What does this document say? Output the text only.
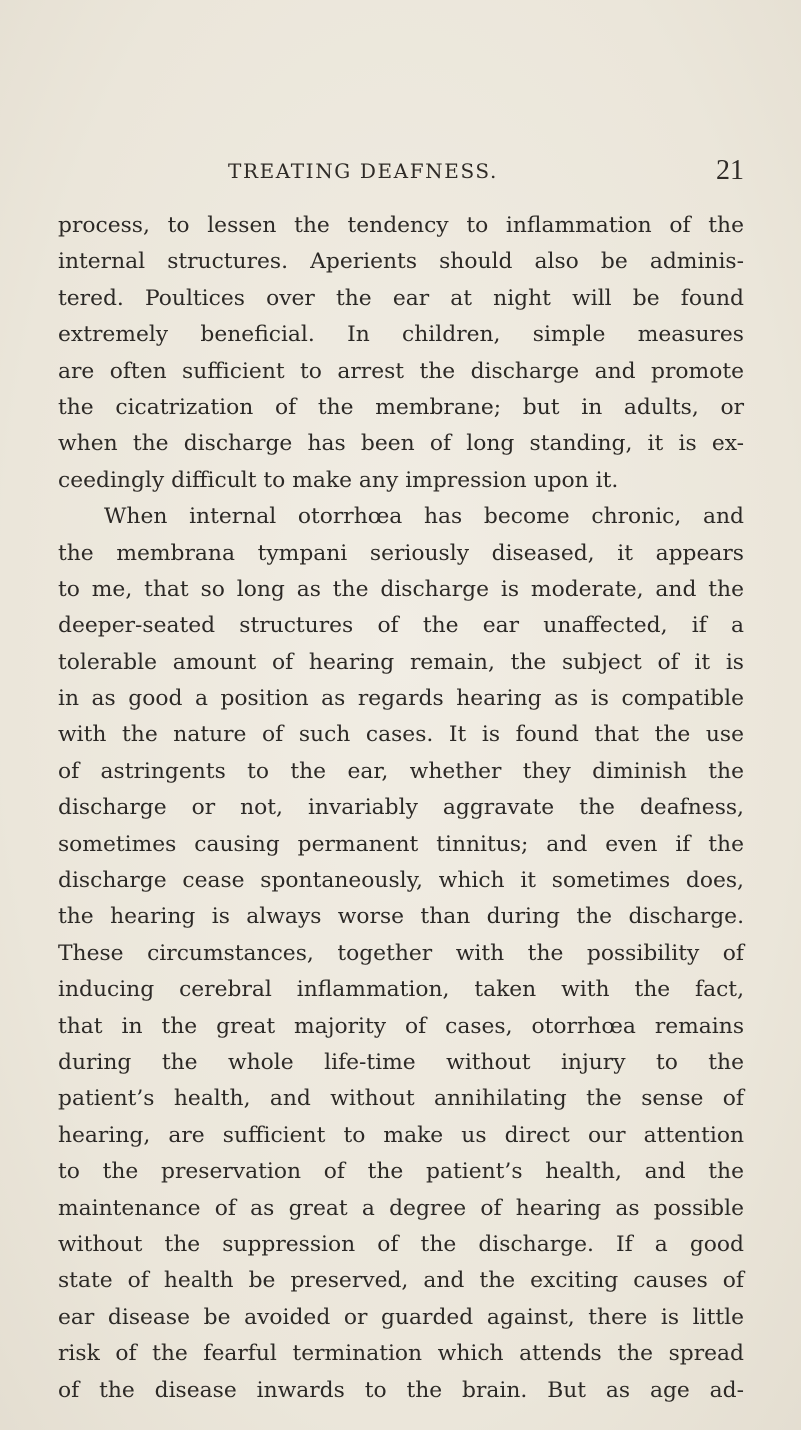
TREATING DEAFNESS.	21
process, to lessen the tendency to inflammation of the
internal structures. Aperients should also be adminis-
tered. Poultices over the ear at night will be found
extremely beneficial. In children, simple measures
are often sufficient to arrest the discharge and promote
the cicatrization of the membrane; but in adults, or
when the discharge has been of long standing, it is ex-
ceedingly difficult to make any impression upon it.
When internal otorrhœa has become chronic, and
the membrana tympani seriously diseased, it appears
to me, that so long as the discharge is moderate, and the
deeper-seated structures of the ear unaffected, if a
tolerable amount of hearing remain, the subject of it is
in as good a position as regards hearing as is compatible
with the nature of such cases. It is found that the use
of astringents to the ear, whether they diminish the
discharge or not, invariably aggravate the deafness,
sometimes causing permanent tinnitus; and even if the
discharge cease spontaneously, which it sometimes does,
the hearing is always worse than during the discharge.
These circumstances, together with the possibility of
inducing cerebral inflammation, taken with the fact,
that in the great majority of cases, otorrhœa remains
during the whole life-time without injury to the
patient’s health, and without annihilating the sense of
hearing, are sufficient to make us direct our attention
to the preservation of the patient’s health, and the
maintenance of as great a degree of hearing as possible
without the suppression of the discharge. If a good
state of health be preserved, and the exciting causes of
ear disease be avoided or guarded against, there is little
risk of the fearful termination which attends the spread
of the disease inwards to the brain. But as age ad-
